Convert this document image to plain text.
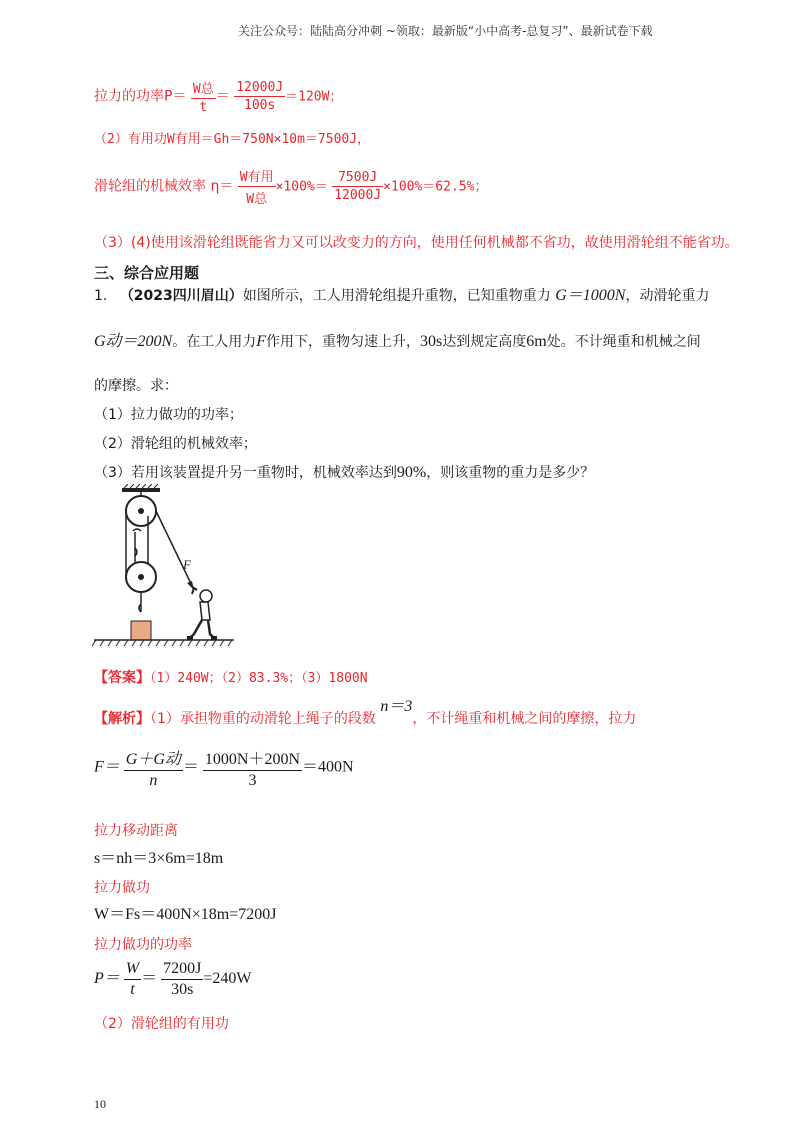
关注公众号：陆陆高分冲刺 ~领取：最新版“小中高考-总复习”、最新试卷下载
拉力的功率$P= \frac{\text{W总}}{t} = \frac{12000J}{100s} =120W$；
（2）有用功W有用＝Gh＝750N×10m＝7500J，
滑轮组的机械效率 $\eta= \frac{\text{W有用}}{\text{W总}} \times 100\%= \frac{7500J}{12000J} \times 100\%=62.5\%$；
（3）(4)使用该滑轮组既能省力又可以改变力的方向，使用任何机械都不省功，故使用滑轮组不能省功。
三、综合应用题
1. （2023四川眉山）如图所示，工人用滑轮组提升重物，已知重物重力 G＝1000N，动滑轮重力
G动＝200N。在工人用力F作用下，重物匀速上升，30s达到规定高度6m处。不计绳重和机械之间
的摩擦。求：
（1）拉力做功的功率；
（2）滑轮组的机械效率；
（3）若用该装置提升另一重物时，机械效率达到90%，则该重物的重力是多少？
F
【答案】（1）240W；（2）83.3%；（3）1800N
【解析】（1）承担物重的动滑轮上绳子的段数 n＝3，不计绳重和机械之间的摩擦，拉力
$F= \frac{\text{G＋G动}}{n} = \frac{1000N+200N}{3} =400N$
拉力移动距离
s＝nh＝3×6m=18m
拉力做功
W＝Fs＝400N×18m=7200J
拉力做功的功率
$P= \frac{W}{t} = \frac{7200J}{30s} =240W$
（2）滑轮组的有用功
10
